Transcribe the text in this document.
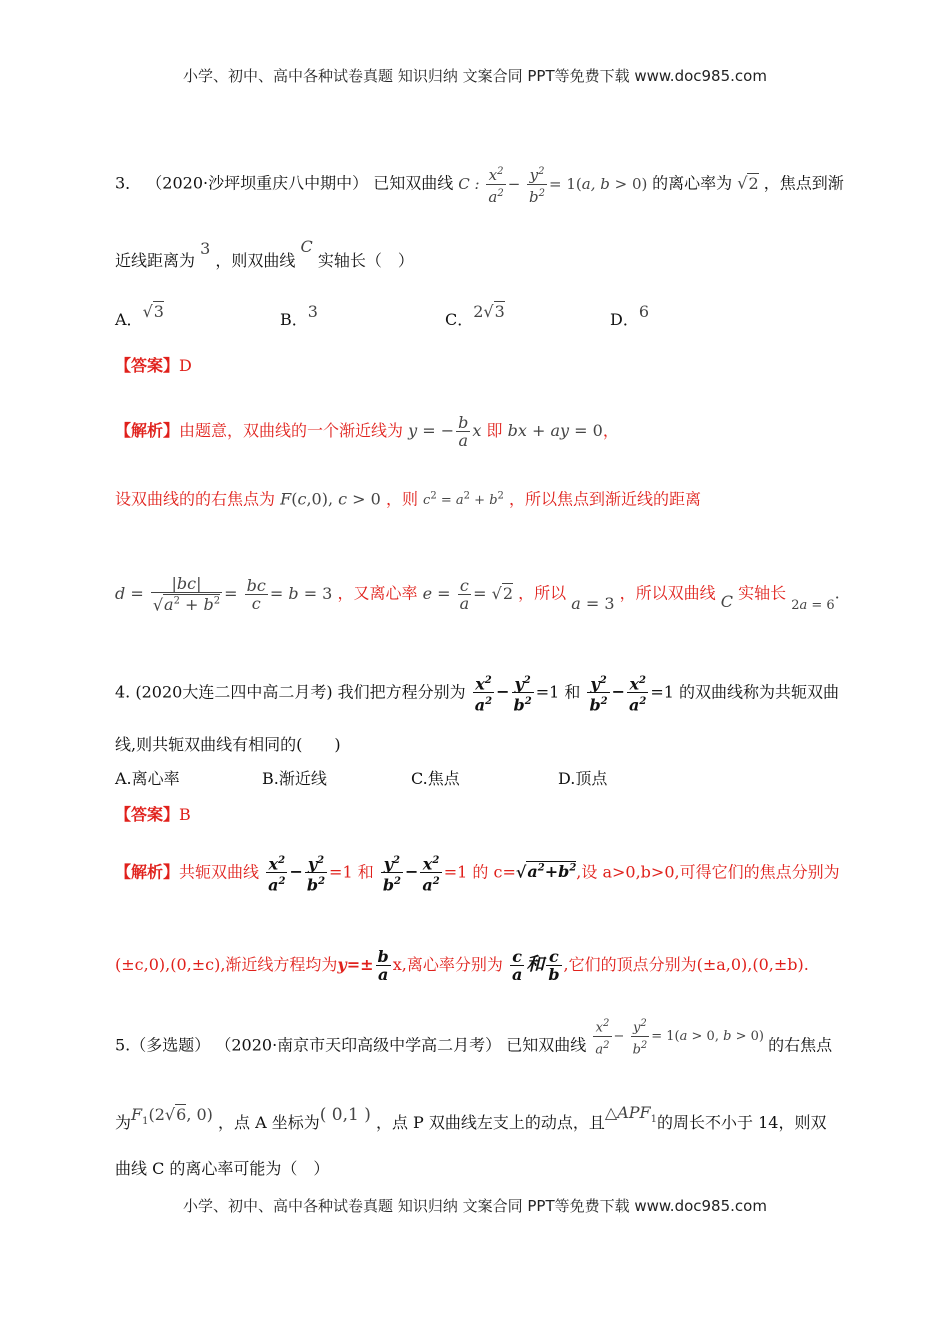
小学、初中、高中各种试卷真题 知识归纳 文案合同 PPT等免费下载 www.doc985.com
3． （2020·沙坪坝重庆八中期中） 已知双曲线 C : $\frac{x^2}{a^2} - \frac{y^2}{b^2} = 1(a$, b > 0) 的离心率为 √2 ，焦点到渐
近线距离为 3 ，则双曲线 C 实轴长（　）
A．√3	B．3	C．2√3	D．6
【答案】D
【解析】由题意，双曲线的一个渐近线为 y = − $\frac{b}{a}$ x 即 bx + ay = 0，
设双曲线的的右焦点为 F(c,0), c > 0 ，则 $c^2 = a^2 + b^2$ ，所以焦点到渐近线的距离
$d = \frac{|bc|}{√a^2 + b^2} = \frac{bc}{c} = b = 3$ ，又离心率 $e = \frac{c}{a} = √2$ ，所以 a = 3 ，所以双曲线 C 实轴长 $_{2a = 6}$.
4. (2020大连二四中高二月考) 我们把方程分别为 $\frac{x^2}{a^2} - \frac{y^2}{b^2} =1$ 和 $\frac{y^2}{b^2} - \frac{x^2}{a^2} =1$ 的双曲线称为共轭双曲
线,则共轭双曲线有相同的(　　)
A.离心率	B.渐近线	C.焦点	D.顶点
【答案】B
【解析】共轭双曲线 $\frac{x^2}{a^2} - \frac{y^2}{b^2} =1$ 和 $\frac{y^2}{b^2} - \frac{x^2}{a^2} =1$ 的 $c=√a^2+b^2$,设 a>0,b>0,可得它们的焦点分别为
(±c,0),(0,±c),渐近线方程均为$y=\pm \frac{b}{a} x$,离心率分别为 $\frac{c}{a}$ 和 $\frac{c}{b}$ ,它们的顶点分别为(±a,0),(0,±b).
5.（多选题） （2020·南京市天印高级中学高二月考） 已知双曲线 $^{\frac{x^2}{a^2} - \frac{y^2}{b^2} = 1(a > 0, b > 0)}$ 的右焦点
为$F_1(2√6$, 0) ，点 A 坐标为( 0,1 ) ，点 P 双曲线左支上的动点，且$\triangle APF_1$的周长不小于 14，则双
曲线 C 的离心率可能为（　）
小学、初中、高中各种试卷真题 知识归纳 文案合同 PPT等免费下载 www.doc985.com
